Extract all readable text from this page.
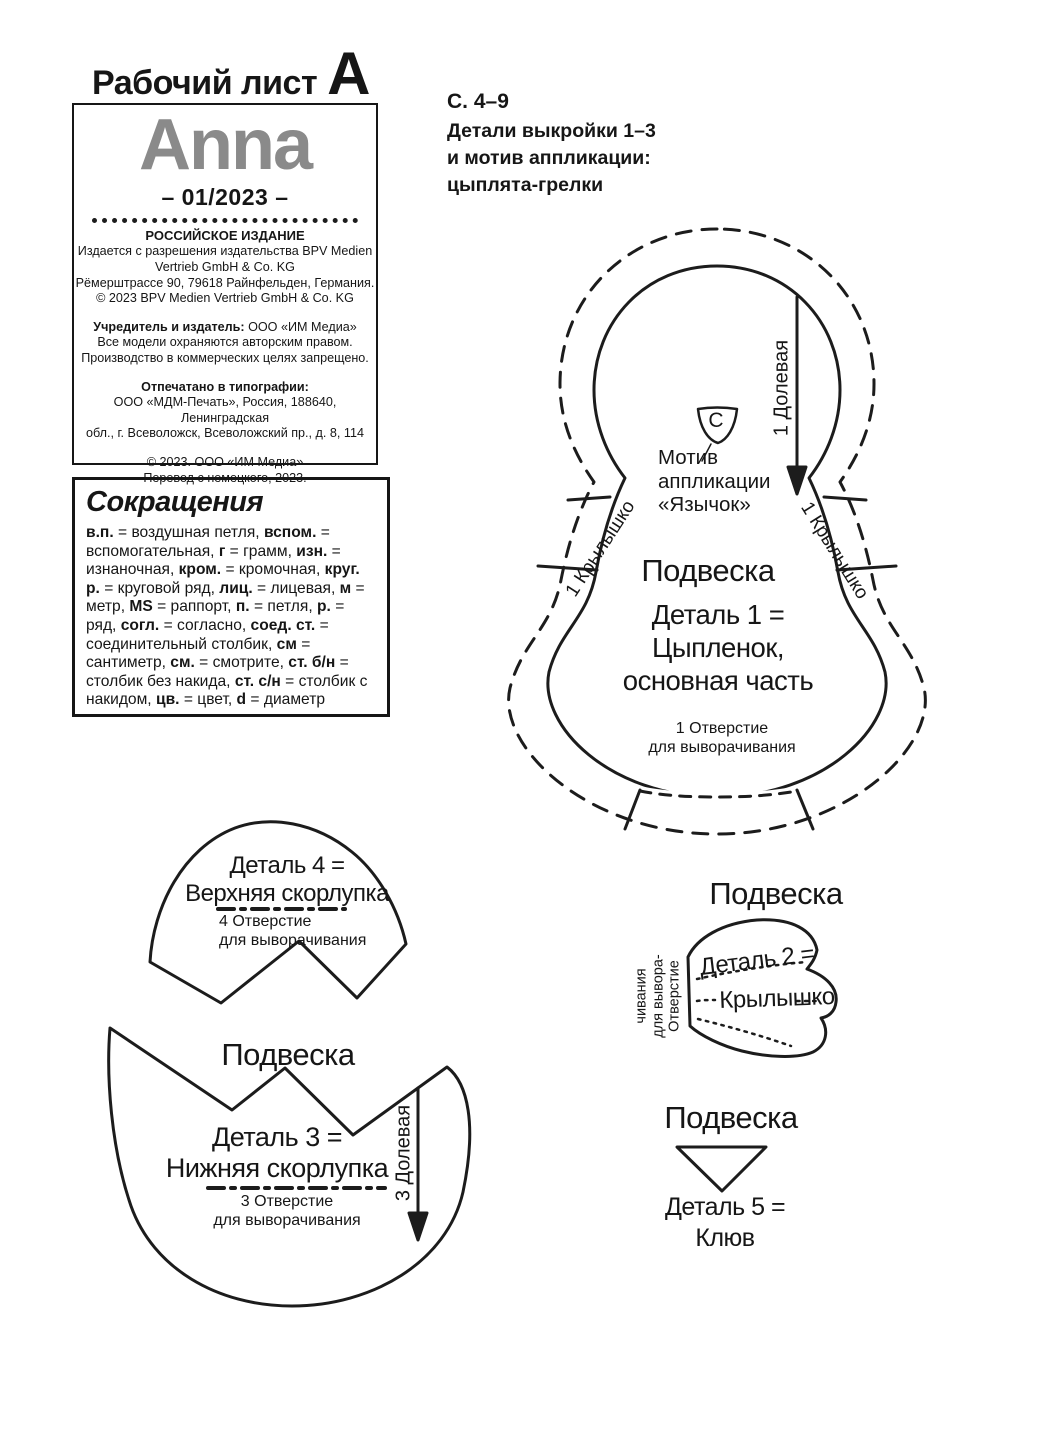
Рабочий лист А
Anna
– 01/2023 –
РОССИЙСКОЕ ИЗДАНИЕ
Издается с разрешения издательства BPV Medien
Vertrieb GmbH & Co. KG
Рёмерштрассе 90, 79618 Райнфельден, Германия.
© 2023 BPV Medien Vertrieb GmbH & Co. KG
Учредитель и издатель: ООО «ИМ Медиа»
Все модели охраняются авторским правом.
Производство в коммерческих целях запрещено.
Отпечатано в типографии:
ООО «МДМ-Печать», Россия, 188640, Ленинградская
обл., г. Всеволожск, Всеволожский пр., д. 8, 114
© 2023. ООО «ИМ Медиа»
Перевод с немецкого, 2023.
Сокращения

в.п. = воздушная петля, вспом. = вспомогательная, г = грамм, изн. = изнаночная, кром. = кромочная, круг. р. = круговой ряд, лиц. = лицевая, м = метр, MS = раппорт, п. = петля, р. = ряд, согл. = согласно, соед. ст. = соединительный столбик, см = сантиметр, см. = смотрите, ст. б/н = столбик без накида, ст. с/н = столбик с накидом, цв. = цвет, d = диаметр

С. 4–9
Детали выкройки 1–3
и мотив аппликации:
цыплята-грелки
1 Долевая
С
Мотив
аппликации
«Язычок»
1 Крылышко	1 Крылышко
Подвеска
Деталь 1 =
Цыпленок,
основная часть
1 Отверстие
для выворачивания
Деталь 4 =
Верхняя скорлупка
4 Отверстие
для выворачивания
Подвеска
Деталь 3 =
Нижняя скорлупка
3 Отверстие
для выворачивания
3 Долевая
Подвеска
чивания
для вывора-
Отверстие Деталь 2 =
Крылышко
Подвеска
Деталь 5 =
Клюв
